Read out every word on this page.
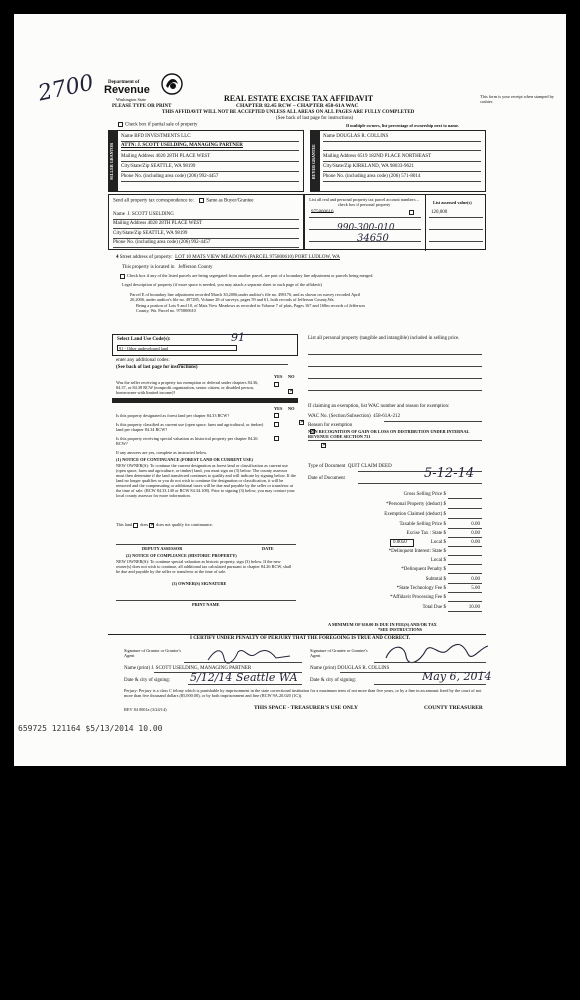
2700 Department of
Revenue
Washington State
PLEASE TYPE OR PRINT
REAL ESTATE EXCISE TAX AFFIDAVIT
CHAPTER 82.45 RCW – CHAPTER 458-61A WAC
THIS AFFIDAVIT WILL NOT BE ACCEPTED UNLESS ALL AREAS ON ALL PAGES ARE FULLY COMPLETED
(See back of last page for instructions)
This form is your receipt when stamped by cashier.
Check box if partial sale of property	If multiple owners, list percentage of ownership next to name.
SELLER GRANTOR
Name BFD INVESTMENTS LLC
ATTN: J. SCOTT USELDING, MANAGING PARTNER
Mailing Address 4020 28TH PLACE WEST
City/State/Zip SEATTLE, WA 98199
Phone No. (including area code) (206) 992-4457	BUYER GRANTEE
Name DOUGLAS R. COLLINS
Mailing Address 6519 182ND PLACE NORTHEAST
City/State/Zip KIRKLAND, WA 98033-9621
Phone No. (including area code) (206) 571-8014
Send all property tax correspondence to: Same as Buyer/Grantee
Name J. SCOTT USELDING
Mailing Address 4020 28TH PLACE WEST
City/State/Zip SEATTLE, WA 98199
Phone No. (including area code) (206) 992-4457
List all real and personal property tax parcel account numbers – check box if personal property	List assessed value(s)
975800610	120,000
990-300-010
34650
4 Street address of property: LOT 10 MATS VIEW MEADOWS (PARCEL 975800610) PORT LUDLOW, WA
This property is located in Jefferson County
Check box if any of the listed parcels are being segregated from another parcel, are part of a boundary line adjustment or parcels being merged.
Legal description of property (if more space is needed, you may attach a separate sheet to each page of the affidavit)
Parcel E of boundary line adjustment recorded March 30,2006,under auditor's file no. 498176, and as shown on survey recorded April
20,2006, under auditor's file no. 497285, Volume 28 of surveys, pages 59 and 61, both records of Jefferson County,Wa.
Being a portion of Lots 9 and 10, of Mats View Meadows as recorded in Volume 7 of plats, Pages 167 and 168m records of Jefferson
County, Wa. Parcel no. 975800610
Select Land Use Code(s):	91
91 - Other undeveloped land
enter any additional codes:
(See back of last page for instructions)
YES NO
Was the seller receiving a property tax exemption or deferral under chapters 84.36, 84.37, or 84.38 RCW (nonprofit organization, senior citizen, or disabled person, homeowner with limited income)?
✕
YES NO
Is this property designated as forest land per chapter 84.33 RCW?
✕
Is this property classified as current use (open space, farm and agricultural, or timber) land per chapter 84.34 RCW?
✕
Is this property receiving special valuation as historical property per chapter 84.26 RCW?
✕
If any answers are yes, complete as instructed below.
(1) NOTICE OF CONTINUANCE (FOREST LAND OR CURRENT USE)
NEW OWNER(S): To continue the current designation as forest land or classification as current use (open space, farm and agriculture, or timber) land, you must sign on (3) below. The county assessor must then determine if the land transferred continues to qualify and will indicate by signing below. If the land no longer qualifies or you do not wish to continue the designation or classification, it will be removed and the compensating or additional taxes will be due and payable by the seller or transferor at the time of sale. (RCW 84.33.140 or RCW 84.34.108). Prior to signing (3) below, you may contact your local county assessor for more information.
This land does ✕ does not qualify for continuance.
DEPUTY ASSESSOR	DATE
(2) NOTICE OF COMPLIANCE (HISTORIC PROPERTY)
NEW OWNER(S): To continue special valuation as historic property, sign (3) below. If the new owner(s) does not wish to continue, all additional tax calculated pursuant to chapter 84.26 RCW, shall be due and payable by the seller or transferor at the time of sale.
(3) OWNER(S) SIGNATURE
PRINT NAME
List all personal property (tangible and intangible) included in selling price.
If claiming an exemption, list WAC number and reason for exemption:
WAC No. (Section/Subsection) 458-61A-212
Reason for exemption
NON RECOGNITION OF GAIN OR LOSS ON DISTRIBUTION UNDER INTERNAL REVENUE CODE SECTION 731
Type of Document QUIT CLAIM DEED
Date of Document	5-12-14
Gross Selling Price $
*Personal Property (deduct) $
Exemption Claimed (deduct) $
Taxable Selling Price $	0.00
Excise Tax : State $	0.00
0.0050	Local $	0.00
*Delinquent Interest: State $
Local $
*Delinquent Penalty $
Subtotal $	0.00
*State Technology Fee $	5.00
*Affidavit Processing Fee $
Total Due $	10.00
A MINIMUM OF $10.00 IS DUE IN FEE(S) AND/OR TAX
*SEE INSTRUCTIONS
I CERTIFY UNDER PENALTY OF PERJURY THAT THE FOREGOING IS TRUE AND CORRECT.
Signature of Grantor or Grantor's Agent
Signature of Grantee or Grantee's Agent
Name (print) J. SCOTT USELDING, MANAGING PARTNER	Name (print) DOUGLAS R. COLLINS
Date & city of signing: 5/12/14 Seattle WA Date & city of signing:	May 6, 2014
Perjury: Perjury is a class C felony which is punishable by imprisonment in the state correctional institution for a maximum term of not more than five years, or by a fine in an amount fixed by the court of not more than five thousand dollars ($5,000.00), or by both imprisonment and fine (RCW 9A.20.020 (1C)).
REV 84 0001a (3/24/14)	THIS SPACE - TREASURER'S USE ONLY	COUNTY TREASURER
659725 121164 $5/13/2014 10.00
